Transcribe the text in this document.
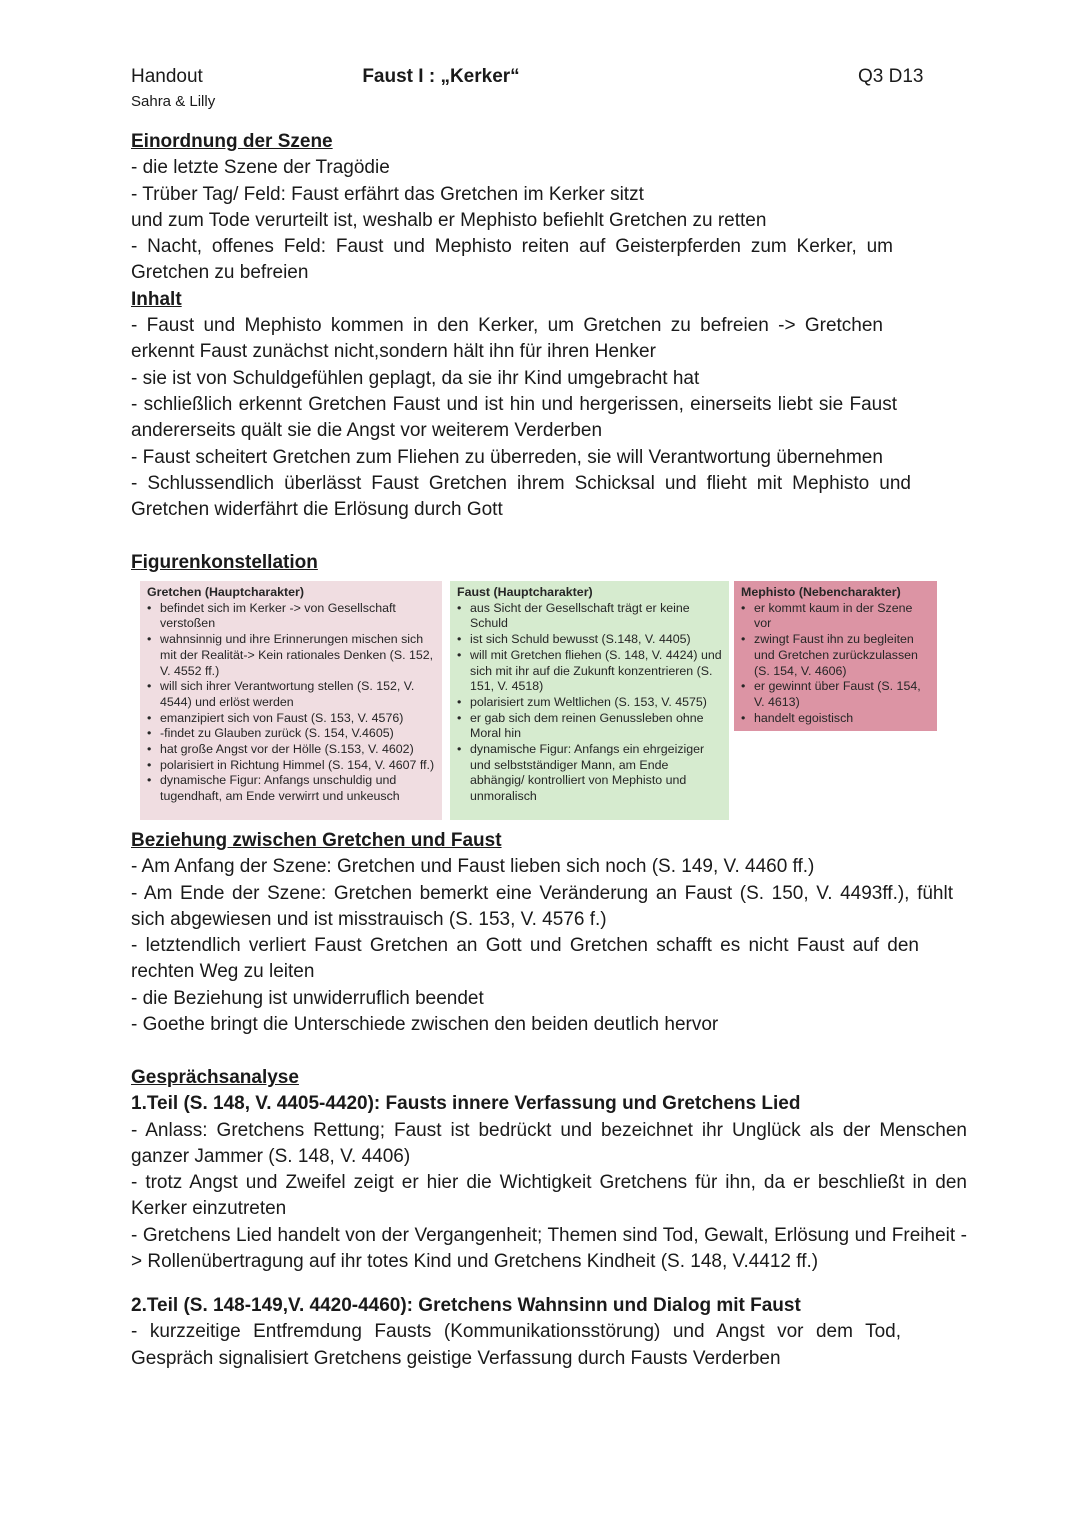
Handout	Faust I : „Kerker“	Q3 D13
Sahra & Lilly

Einordnung der Szene

- die letzte Szene der Tragödie

- Trüber Tag/ Feld: Faust erfährt das Gretchen im Kerker sitzt

und zum Tode verurteilt ist, weshalb er Mephisto befiehlt Gretchen zu retten

- Nacht, offenes Feld: Faust und Mephisto reiten auf Geisterpferden zum Kerker, um Gretchen zu befreien

Inhalt

- Faust und Mephisto kommen in den Kerker, um Gretchen zu befreien -> Gretchen erkennt Faust zunächst nicht,sondern hält ihn für ihren Henker

- sie ist von Schuldgefühlen geplagt, da sie ihr Kind umgebracht hat

- schließlich erkennt Gretchen Faust und ist hin und hergerissen, einerseits liebt sie Faust andererseits quält sie die Angst vor weiterem Verderben

- Faust scheitert Gretchen zum Fliehen zu überreden, sie will Verantwortung übernehmen

- Schlussendlich überlässt Faust Gretchen ihrem Schicksal und flieht mit Mephisto und Gretchen widerfährt die Erlösung durch Gott

Figurenkonstellation

Gretchen (Hauptcharakter)
• befindet sich im Kerker -> von Gesellschaft verstoßen
• wahnsinnig und ihre Erinnerungen mischen sich mit der Realität-> Kein rationales Denken (S. 152, V. 4552 ff.)
• will sich ihrer Verantwortung stellen (S. 152, V. 4544) und erlöst werden
• emanzipiert sich von Faust (S. 153, V. 4576)
• -findet zu Glauben zurück (S. 154, V.4605)
• hat große Angst vor der Hölle (S.153, V. 4602)
• polarisiert in Richtung Himmel (S. 154, V. 4607 ff.)
• dynamische Figur: Anfangs unschuldig und tugendhaft, am Ende verwirrt und unkeusch
Faust (Hauptcharakter)
• aus Sicht der Gesellschaft trägt er keine Schuld
• ist sich Schuld bewusst (S.148, V. 4405)
• will mit Gretchen fliehen (S. 148, V. 4424) und sich mit ihr auf die Zukunft konzentrieren (S. 151, V. 4518)
• polarisiert zum Weltlichen (S. 153, V. 4575)
• er gab sich dem reinen Genussleben ohne Moral hin
• dynamische Figur: Anfangs ein ehrgeiziger und selbstständiger Mann, am Ende abhängig/ kontrolliert von Mephisto und unmoralisch
Mephisto (Nebencharakter)
• er kommt kaum in der Szene vor
• zwingt Faust ihn zu begleiten und Gretchen zurückzulassen (S. 154, V. 4606)
• er gewinnt über Faust (S. 154, V. 4613)
• handelt egoistisch

Beziehung zwischen Gretchen und Faust

- Am Anfang der Szene: Gretchen und Faust lieben sich noch (S. 149, V. 4460 ff.)

- Am Ende der Szene: Gretchen bemerkt eine Veränderung an Faust (S. 150, V. 4493ff.), fühlt sich abgewiesen und ist misstrauisch (S. 153, V. 4576 f.)

- letztendlich verliert Faust Gretchen an Gott und Gretchen schafft es nicht Faust auf den rechten Weg zu leiten

- die Beziehung ist unwiderruflich beendet

- Goethe bringt die Unterschiede zwischen den beiden deutlich hervor

Gesprächsanalyse

1.Teil (S. 148, V. 4405-4420): Fausts innere Verfassung und Gretchens Lied

- Anlass: Gretchens Rettung; Faust ist bedrückt und bezeichnet ihr Unglück als der Menschen ganzer Jammer (S. 148, V. 4406)

- trotz Angst und Zweifel zeigt er hier die Wichtigkeit Gretchens für ihn, da er beschließt in den Kerker einzutreten

- Gretchens Lied handelt von der Vergangenheit; Themen sind Tod, Gewalt, Erlösung und Freiheit -> Rollenübertragung auf ihr totes Kind und Gretchens Kindheit (S. 148, V.4412 ff.)

2.Teil (S. 148-149,V. 4420-4460): Gretchens Wahnsinn und Dialog mit Faust

- kurzzeitige Entfremdung Fausts (Kommunikationsstörung) und Angst vor dem Tod, Gespräch signalisiert Gretchens geistige Verfassung durch Fausts Verderben
